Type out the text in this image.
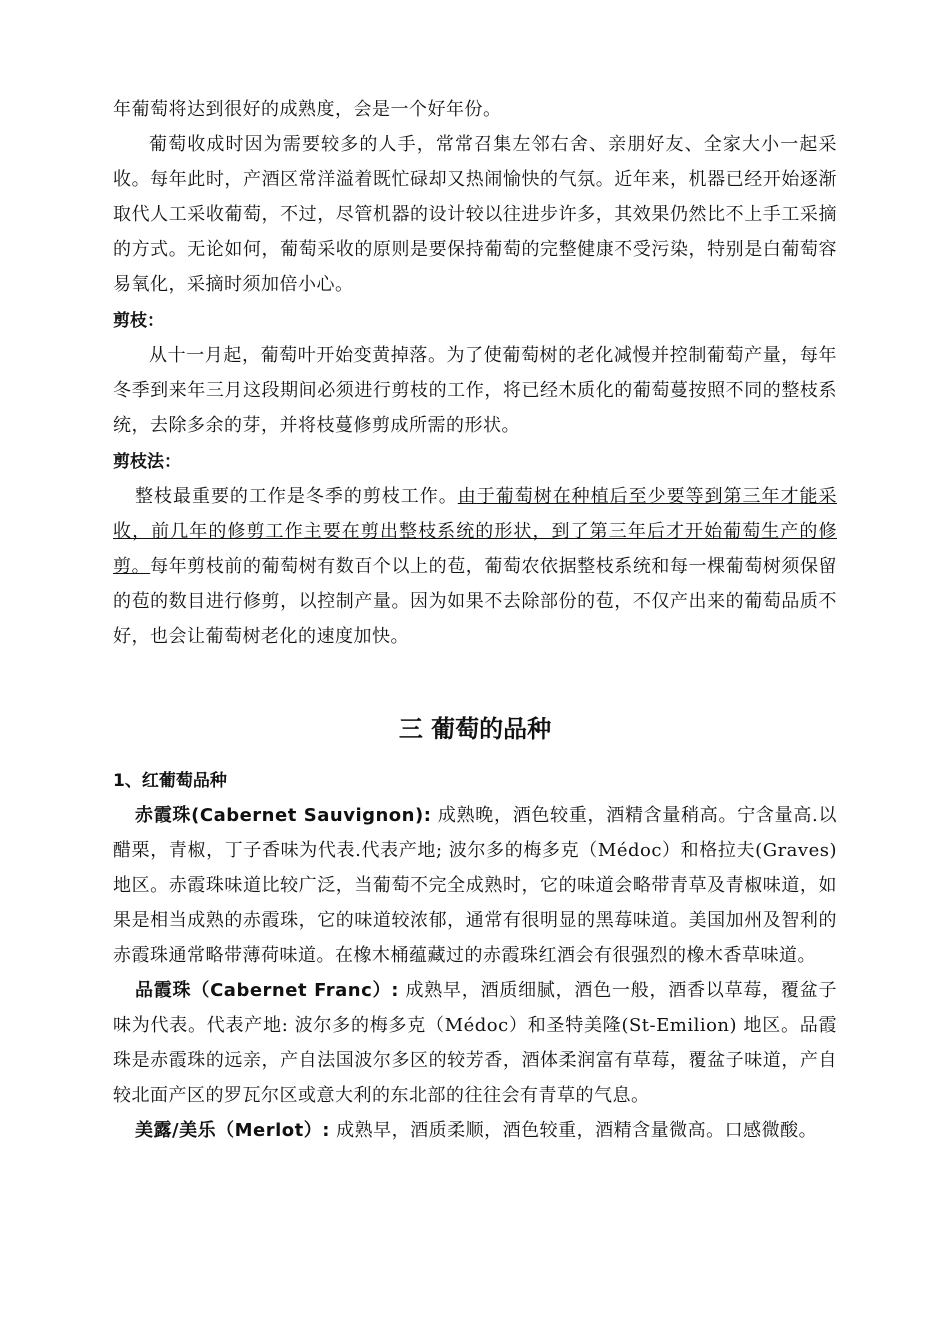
年葡萄将达到很好的成熟度，会是一个好年份。

葡萄收成时因为需要较多的人手，常常召集左邻右舍、亲朋好友、全家大小一起采收。每年此时，产酒区常洋溢着既忙碌却又热闹愉快的气氛。近年来，机器已经开始逐渐取代人工采收葡萄，不过，尽管机器的设计较以往进步许多，其效果仍然比不上手工采摘的方式。无论如何，葡萄采收的原则是要保持葡萄的完整健康不受污染，特别是白葡萄容易氧化，采摘时须加倍小心。

剪枝：

从十一月起，葡萄叶开始变黄掉落。为了使葡萄树的老化减慢并控制葡萄产量，每年冬季到来年三月这段期间必须进行剪枝的工作，将已经木质化的葡萄蔓按照不同的整枝系统，去除多余的芽，并将枝蔓修剪成所需的形状。

剪枝法：

整枝最重要的工作是冬季的剪枝工作。由于葡萄树在种植后至少要等到第三年才能采收，前几年的修剪工作主要在剪出整枝系统的形状，到了第三年后才开始葡萄生产的修剪。每年剪枝前的葡萄树有数百个以上的苞，葡萄农依据整枝系统和每一棵葡萄树须保留的苞的数目进行修剪，以控制产量。因为如果不去除部份的苞，不仅产出来的葡萄品质不好，也会让葡萄树老化的速度加快。

三 葡萄的品种

1、红葡萄品种

赤霞珠(Cabernet Sauvignon): 成熟晚，酒色较重，酒精含量稍高。宁含量高.以醋栗，青椒，丁子香味为代表.代表产地; 波尔多的梅多克（Médoc）和格拉夫(Graves) 地区。赤霞珠味道比较广泛，当葡萄不完全成熟时，它的味道会略带青草及青椒味道，如果是相当成熟的赤霞珠，它的味道较浓郁，通常有很明显的黑莓味道。美国加州及智利的赤霞珠通常略带薄荷味道。在橡木桶蕴藏过的赤霞珠红酒会有很强烈的橡木香草味道。

品霞珠（Cabernet Franc）: 成熟早，酒质细腻，酒色一般，酒香以草莓，覆盆子味为代表。代表产地: 波尔多的梅多克（Médoc）和圣特美隆(St-Emilion) 地区。品霞珠是赤霞珠的远亲，产自法国波尔多区的较芳香，酒体柔润富有草莓，覆盆子味道，产自较北面产区的罗瓦尔区或意大利的东北部的往往会有青草的气息。

美露/美乐（Merlot）: 成熟早，酒质柔顺，酒色较重，酒精含量微高。口感微酸。
